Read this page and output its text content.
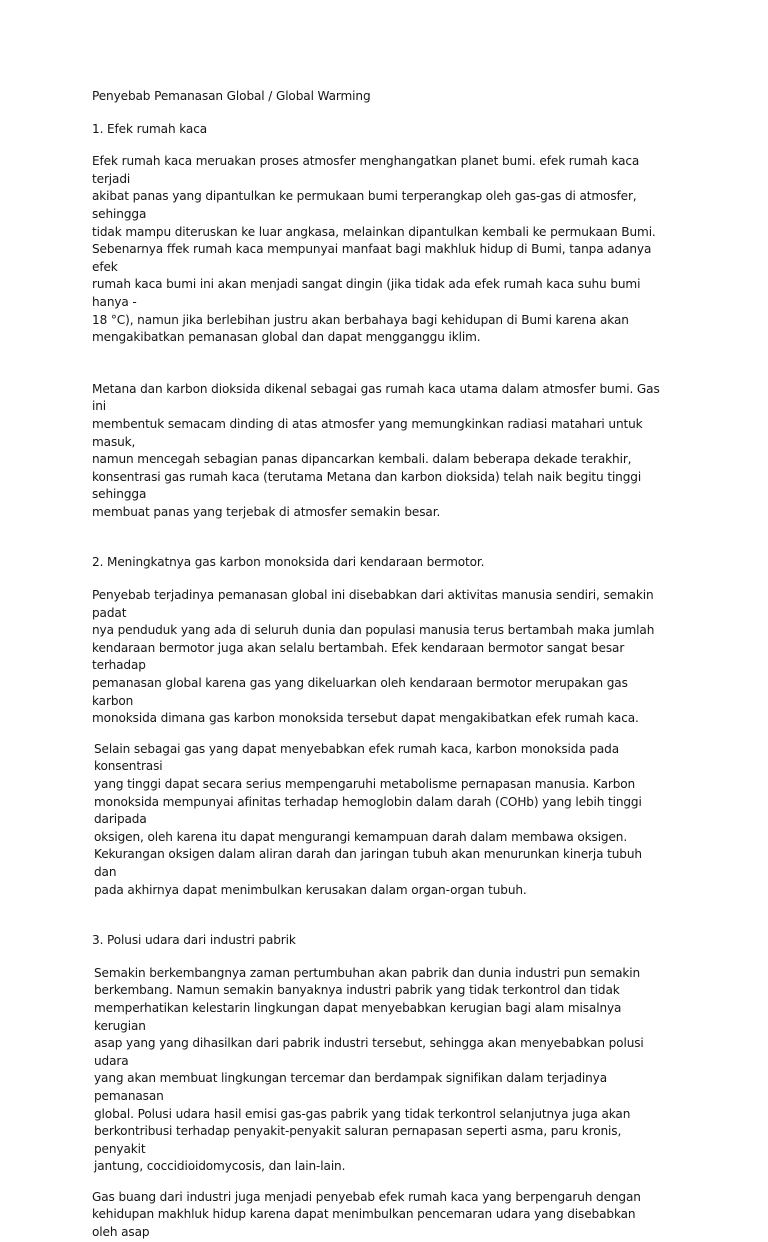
Penyebab Pemanasan Global / Global Warming

1. Efek rumah kaca

Efek rumah kaca meruakan proses atmosfer menghangatkan planet bumi. efek rumah kaca terjadi
akibat panas yang dipantulkan ke permukaan bumi terperangkap oleh gas-gas di atmosfer, sehingga
tidak mampu diteruskan ke luar angkasa, melainkan dipantulkan kembali ke permukaan Bumi.
Sebenarnya ffek rumah kaca mempunyai manfaat bagi makhluk hidup di Bumi, tanpa adanya efek
rumah kaca bumi ini akan menjadi sangat dingin (jika tidak ada efek rumah kaca suhu bumi hanya -
18 °C), namun jika berlebihan justru akan berbahaya bagi kehidupan di Bumi karena akan
mengakibatkan pemanasan global dan dapat mengganggu iklim.

Metana dan karbon dioksida dikenal sebagai gas rumah kaca utama dalam atmosfer bumi. Gas ini
membentuk semacam dinding di atas atmosfer yang memungkinkan radiasi matahari untuk masuk,
namun mencegah sebagian panas dipancarkan kembali. dalam beberapa dekade terakhir,
konsentrasi gas rumah kaca (terutama Metana dan karbon dioksida) telah naik begitu tinggi sehingga
membuat panas yang terjebak di atmosfer semakin besar.

2. Meningkatnya gas karbon monoksida dari kendaraan bermotor.

Penyebab terjadinya pemanasan global ini disebabkan dari aktivitas manusia sendiri, semakin padat
nya penduduk yang ada di seluruh dunia dan populasi manusia terus bertambah maka jumlah
kendaraan bermotor juga akan selalu bertambah. Efek kendaraan bermotor sangat besar terhadap
pemanasan global karena gas yang dikeluarkan oleh kendaraan bermotor merupakan gas karbon
monoksida dimana gas karbon monoksida tersebut dapat mengakibatkan efek rumah kaca.

Selain sebagai gas yang dapat menyebabkan efek rumah kaca, karbon monoksida pada konsentrasi
yang tinggi dapat secara serius mempengaruhi metabolisme pernapasan manusia. Karbon
monoksida mempunyai afinitas terhadap hemoglobin dalam darah (COHb) yang lebih tinggi daripada
oksigen, oleh karena itu dapat mengurangi kemampuan darah dalam membawa oksigen.
Kekurangan oksigen dalam aliran darah dan jaringan tubuh akan menurunkan kinerja tubuh dan
pada akhirnya dapat menimbulkan kerusakan dalam organ-organ tubuh.

3. Polusi udara dari industri pabrik

Semakin berkembangnya zaman pertumbuhan akan pabrik dan dunia industri pun semakin
berkembang. Namun semakin banyaknya industri pabrik yang tidak terkontrol dan tidak
memperhatikan kelestarin lingkungan dapat menyebabkan kerugian bagi alam misalnya kerugian
asap yang yang dihasilkan dari pabrik industri tersebut, sehingga akan menyebabkan polusi udara
yang akan membuat lingkungan tercemar dan berdampak signifikan dalam terjadinya pemanasan
global. Polusi udara hasil emisi gas-gas pabrik yang tidak terkontrol selanjutnya juga akan
berkontribusi terhadap penyakit-penyakit saluran pernapasan seperti asma, paru kronis, penyakit
jantung, coccidioidomycosis, dan lain-lain.

Gas buang dari industri juga menjadi penyebab efek rumah kaca yang berpengaruh dengan
kehidupan makhluk hidup karena dapat menimbulkan pencemaran udara yang disebabkan oleh asap
